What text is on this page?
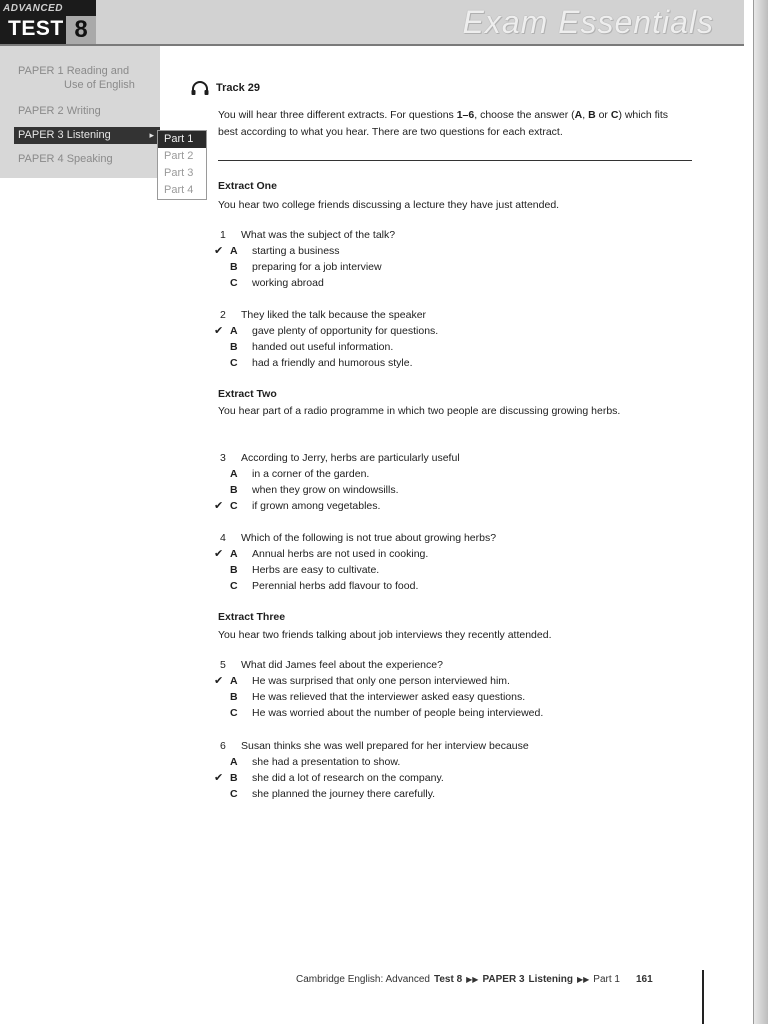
ADVANCED
TEST 8	Exam Essentials
PAPER 1 Reading and
Use of English
PAPER 2 Writing
PAPER 3 Listening	▸
PAPER 4 Speaking
Part 1
Part 2
Part 3
Part 4
Track 29
You will hear three different extracts. For questions 1–6, choose the answer (A, B or C) which fits best according to what you hear. There are two questions for each extract.
Extract One
You hear two college friends discussing a lecture they have just attended.
1 What was the subject of the talk?
✔ A starting a business
B preparing for a job interview
C working abroad
2 They liked the talk because the speaker
✔ A gave plenty of opportunity for questions.
B handed out useful information.
C had a friendly and humorous style.
Extract Two
You hear part of a radio programme in which two people are discussing growing herbs.
3 According to Jerry, herbs are particularly useful
A in a corner of the garden.
B when they grow on windowsills.
✔ C if grown among vegetables.
4 Which of the following is not true about growing herbs?
✔ A Annual herbs are not used in cooking.
B Herbs are easy to cultivate.
C Perennial herbs add flavour to food.
Extract Three
You hear two friends talking about job interviews they recently attended.
5 What did James feel about the experience?
✔ A He was surprised that only one person interviewed him.
B He was relieved that the interviewer asked easy questions.
C He was worried about the number of people being interviewed.
6 Susan thinks she was well prepared for her interview because
A she had a presentation to show.
✔ B she did a lot of research on the company.
C she planned the journey there carefully.
Cambridge English: Advanced Test 8 ▶▶ PAPER 3 Listening ▶▶ Part 1 161
